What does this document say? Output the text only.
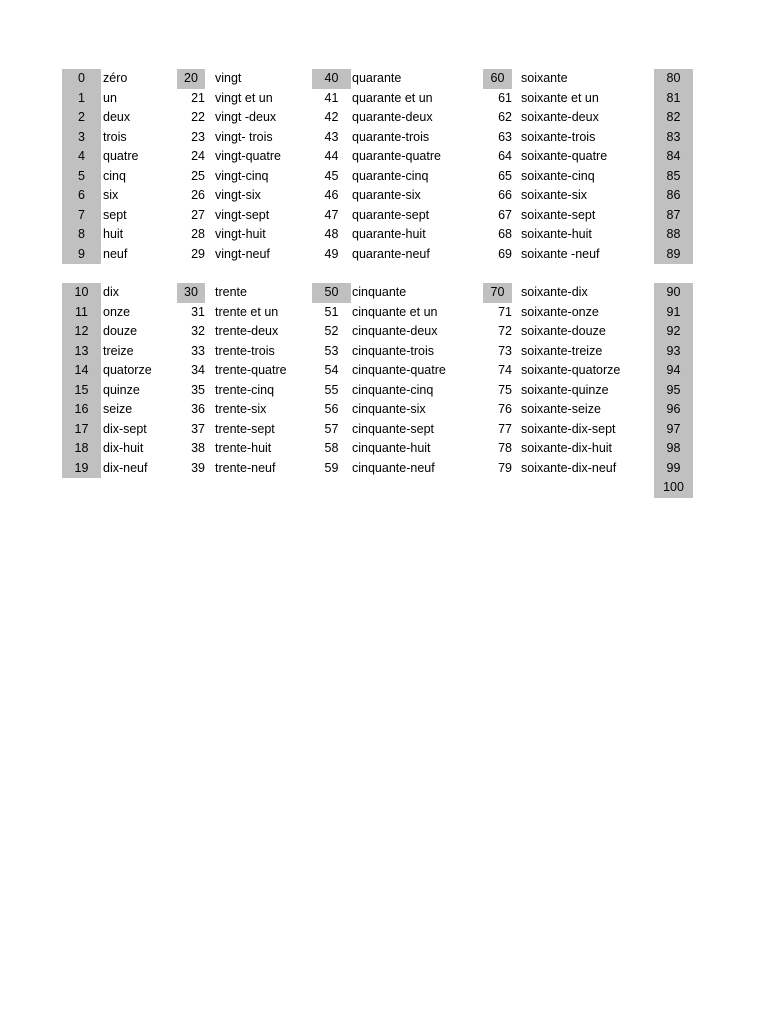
0	zéro	20	vingt	40	quarante	60	soixante	80
1	un	21 vingt et un	41	quarante et un	61 soixante et un	81
2	deux	22 vingt -deux	42	quarante-deux	62 soixante-deux	82
3	trois	23 vingt- trois	43	quarante-trois	63 soixante-trois	83
4	quatre	24 vingt-quatre	44	quarante-quatre	64 soixante-quatre	84
5	cinq	25 vingt-cinq	45	quarante-cinq	65 soixante-cinq	85
6	six	26 vingt-six	46	quarante-six	66 soixante-six	86
7	sept	27 vingt-sept	47	quarante-sept	67 soixante-sept	87
8	huit	28 vingt-huit	48	quarante-huit	68 soixante-huit	88
9	neuf	29 vingt-neuf	49	quarante-neuf	69 soixante -neuf	89
10	dix	30	trente	50	cinquante	70	soixante-dix	90
11	onze	31 trente et un	51	cinquante et un	71 soixante-onze	91
12	douze	32 trente-deux	52	cinquante-deux	72 soixante-douze	92
13	treize	33 trente-trois	53	cinquante-trois	73 soixante-treize	93
14	quatorze	34 trente-quatre	54	cinquante-quatre	74 soixante-quatorze	94
15	quinze	35 trente-cinq	55	cinquante-cinq	75 soixante-quinze	95
16	seize	36 trente-six	56	cinquante-six	76 soixante-seize	96
17	dix-sept	37 trente-sept	57	cinquante-sept	77 soixante-dix-sept	97
18	dix-huit	38 trente-huit	58	cinquante-huit	78 soixante-dix-huit	98
19	dix-neuf	39 trente-neuf	59	cinquante-neuf	79 soixante-dix-neuf	99
100
